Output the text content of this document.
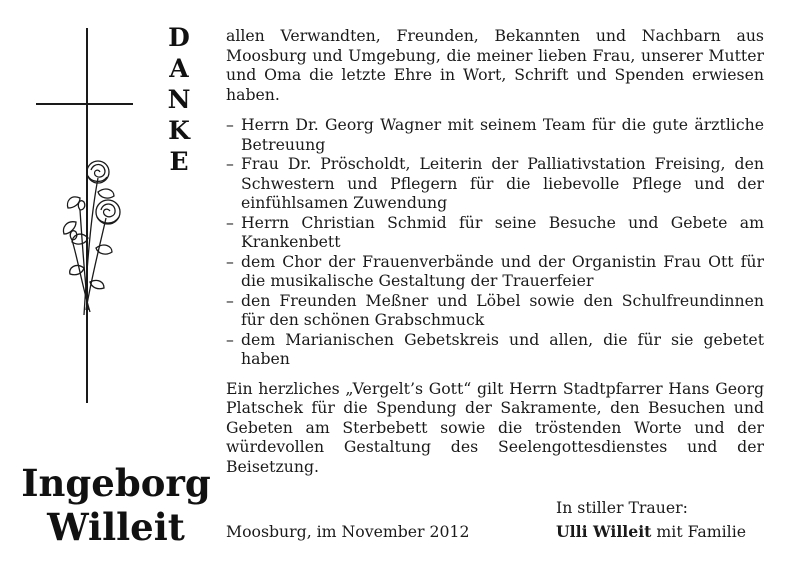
D
A
N
K
E
Ingeborg
Willeit

allen Verwandten, Freunden, Bekannten und Nachbarn aus Moosburg und Umgebung, die meiner lieben Frau, unserer Mutter und Oma die letzte Ehre in Wort, Schrift und Spenden erwiesen haben.

– Herrn Dr. Georg Wagner mit seinem Team für die gute ärztliche Betreuung
– Frau Dr. Pröscholdt, Leiterin der Palliativstation Freising, den Schwestern und Pflegern für die liebevolle Pflege und der einfühlsamen Zuwendung
– Herrn Christian Schmid für seine Besuche und Gebete am Krankenbett
– dem Chor der Frauenverbände und der Organistin Frau Ott für die musikalische Gestaltung der Trauerfeier
– den Freunden Meßner und Löbel sowie den Schulfreundinnen für den schönen Grabschmuck
– dem Marianischen Gebetskreis und allen, die für sie gebetet haben

Ein herzliches „Vergelt’s Gott“ gilt Herrn Stadtpfarrer Hans Georg Platschek für die Spendung der Sakramente, den Besuchen und Gebeten am Sterbebett sowie die tröstenden Worte und der würdevollen Gestaltung des Seelengottesdienstes und der Beisetzung.

In stiller Trauer:
Moosburg, im November 2012	Ulli Willeit mit Familie
